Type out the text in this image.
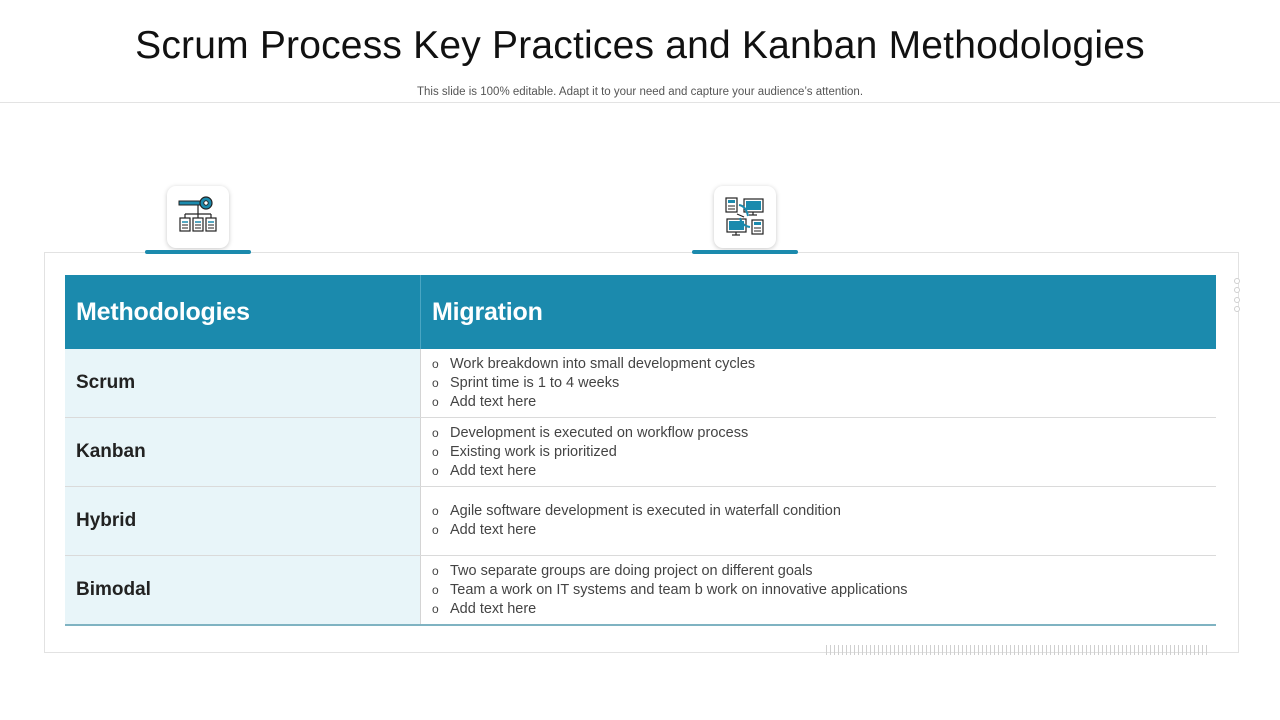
Scrum Process Key Practices and Kanban Methodologies
This slide is 100% editable. Adapt it to your need and capture your audience’s attention.
Methodologies	Migration
Scrum
o Work breakdown into small development cycles
o Sprint time is 1 to 4 weeks
o Add text here
Kanban
o Development is executed on workflow process
o Existing work is prioritized
o Add text here
Hybrid	o Agile software development is executed in waterfall condition
o Add text here
Bimodal
o Two separate groups are doing project on different goals
o Team a work on IT systems and team b work on innovative applications
o Add text here
